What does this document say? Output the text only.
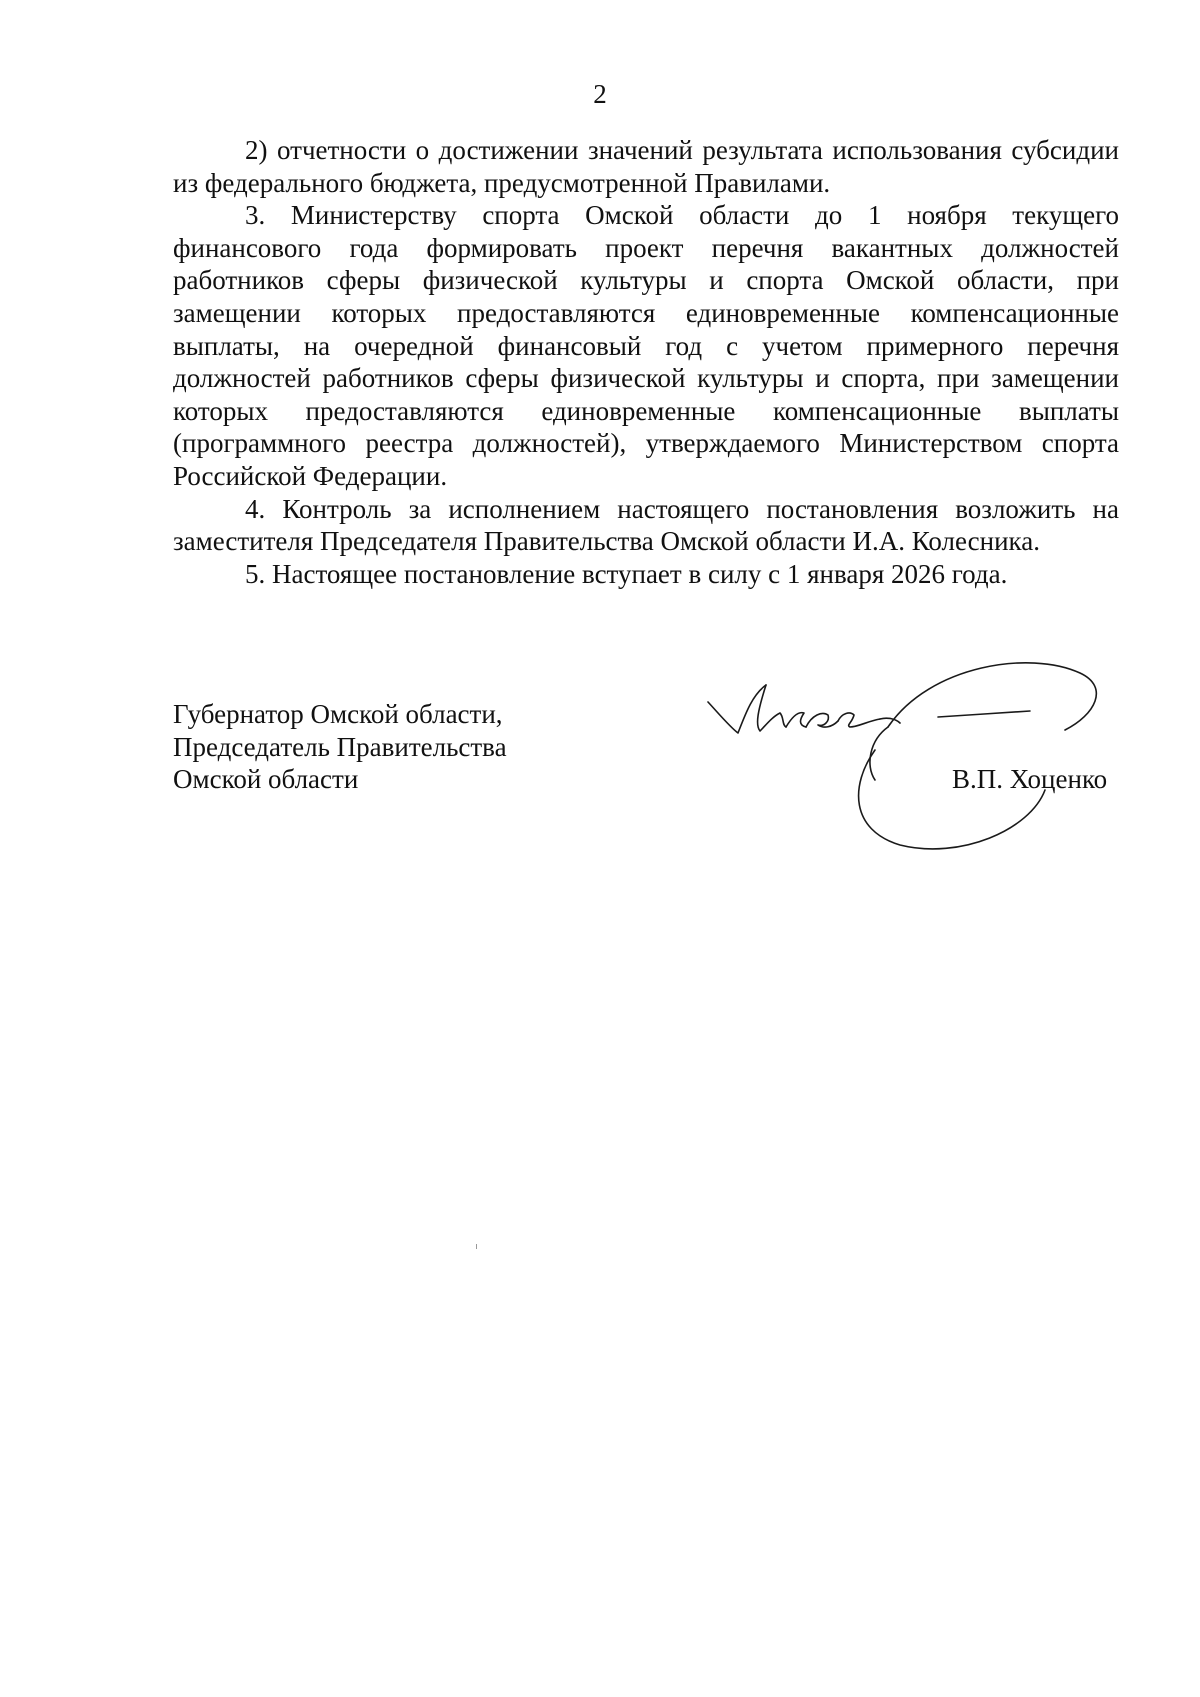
2

2) отчетности о достижении значений результата использования субсидии из федерального бюджета, предусмотренной Правилами.

3. Министерству спорта Омской области до 1 ноября текущего финансового года формировать проект перечня вакантных должностей работников сферы физической культуры и спорта Омской области, при замещении которых предоставляются единовременные компенсационные выплаты, на очередной финансовый год с учетом примерного перечня должностей работников сферы физической культуры и спорта, при замещении которых предоставляются единовременные компенсационные выплаты (программного реестра должностей), утверждаемого Министерством спорта Российской Федерации.

4. Контроль за исполнением настоящего постановления возложить на заместителя Председателя Правительства Омской области И.А. Колесника.

5. Настоящее постановление вступает в силу с 1 января 2026 года.

Губернатор Омской области,
Председатель Правительства
Омской области	В.П. Хоценко
